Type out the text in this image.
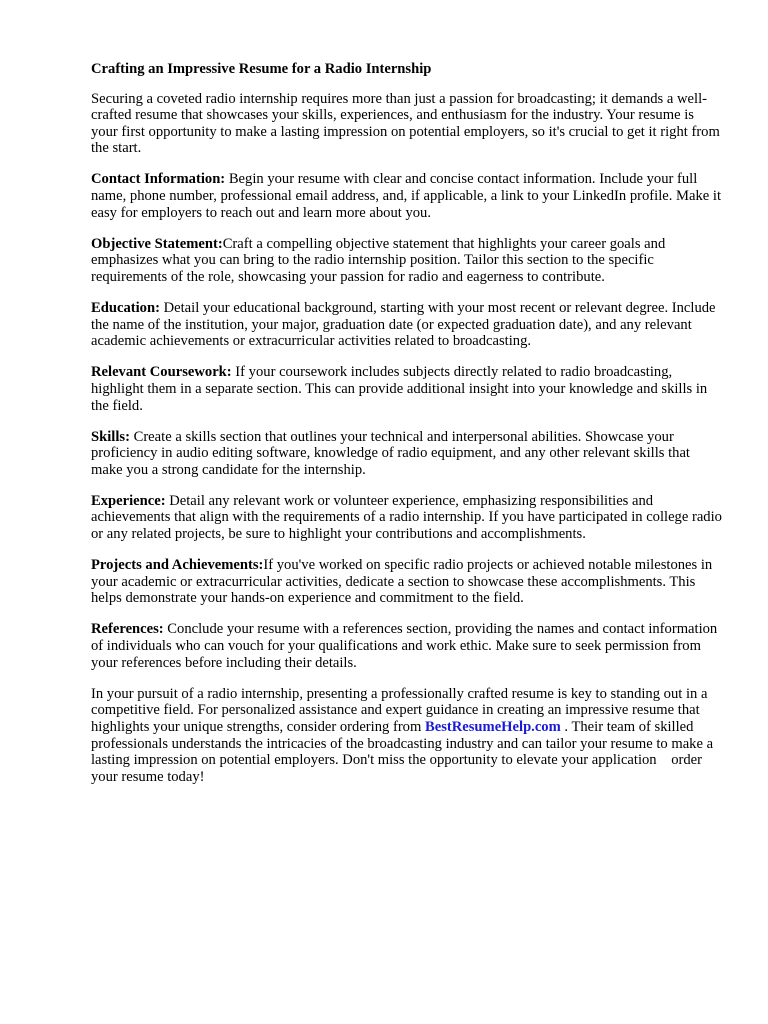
Crafting an Impressive Resume for a Radio Internship
Securing a coveted radio internship requires more than just a passion for broadcasting; it demands a well-crafted resume that showcases your skills, experiences, and enthusiasm for the industry. Your resume is your first opportunity to make a lasting impression on potential employers, so it's crucial to get it right from the start.
Contact Information: Begin your resume with clear and concise contact information. Include your full name, phone number, professional email address, and, if applicable, a link to your LinkedIn profile. Make it easy for employers to reach out and learn more about you.
Objective Statement:Craft a compelling objective statement that highlights your career goals and emphasizes what you can bring to the radio internship position. Tailor this section to the specific requirements of the role, showcasing your passion for radio and eagerness to contribute.
Education: Detail your educational background, starting with your most recent or relevant degree. Include the name of the institution, your major, graduation date (or expected graduation date), and any relevant academic achievements or extracurricular activities related to broadcasting.
Relevant Coursework: If your coursework includes subjects directly related to radio broadcasting, highlight them in a separate section. This can provide additional insight into your knowledge and skills in the field.
Skills: Create a skills section that outlines your technical and interpersonal abilities. Showcase your proficiency in audio editing software, knowledge of radio equipment, and any other relevant skills that make you a strong candidate for the internship.
Experience: Detail any relevant work or volunteer experience, emphasizing responsibilities and achievements that align with the requirements of a radio internship. If you have participated in college radio or any related projects, be sure to highlight your contributions and accomplishments.
Projects and Achievements:If you've worked on specific radio projects or achieved notable milestones in your academic or extracurricular activities, dedicate a section to showcase these accomplishments. This helps demonstrate your hands-on experience and commitment to the field.
References: Conclude your resume with a references section, providing the names and contact information of individuals who can vouch for your qualifications and work ethic. Make sure to seek permission from your references before including their details.
In your pursuit of a radio internship, presenting a professionally crafted resume is key to standing out in a competitive field. For personalized assistance and expert guidance in creating an impressive resume that highlights your unique strengths, consider ordering from BestResumeHelp.com . Their team of skilled professionals understands the intricacies of the broadcasting industry and can tailor your resume to make a lasting impression on potential employers. Don't miss the opportunity to elevate your application    order your resume today!
